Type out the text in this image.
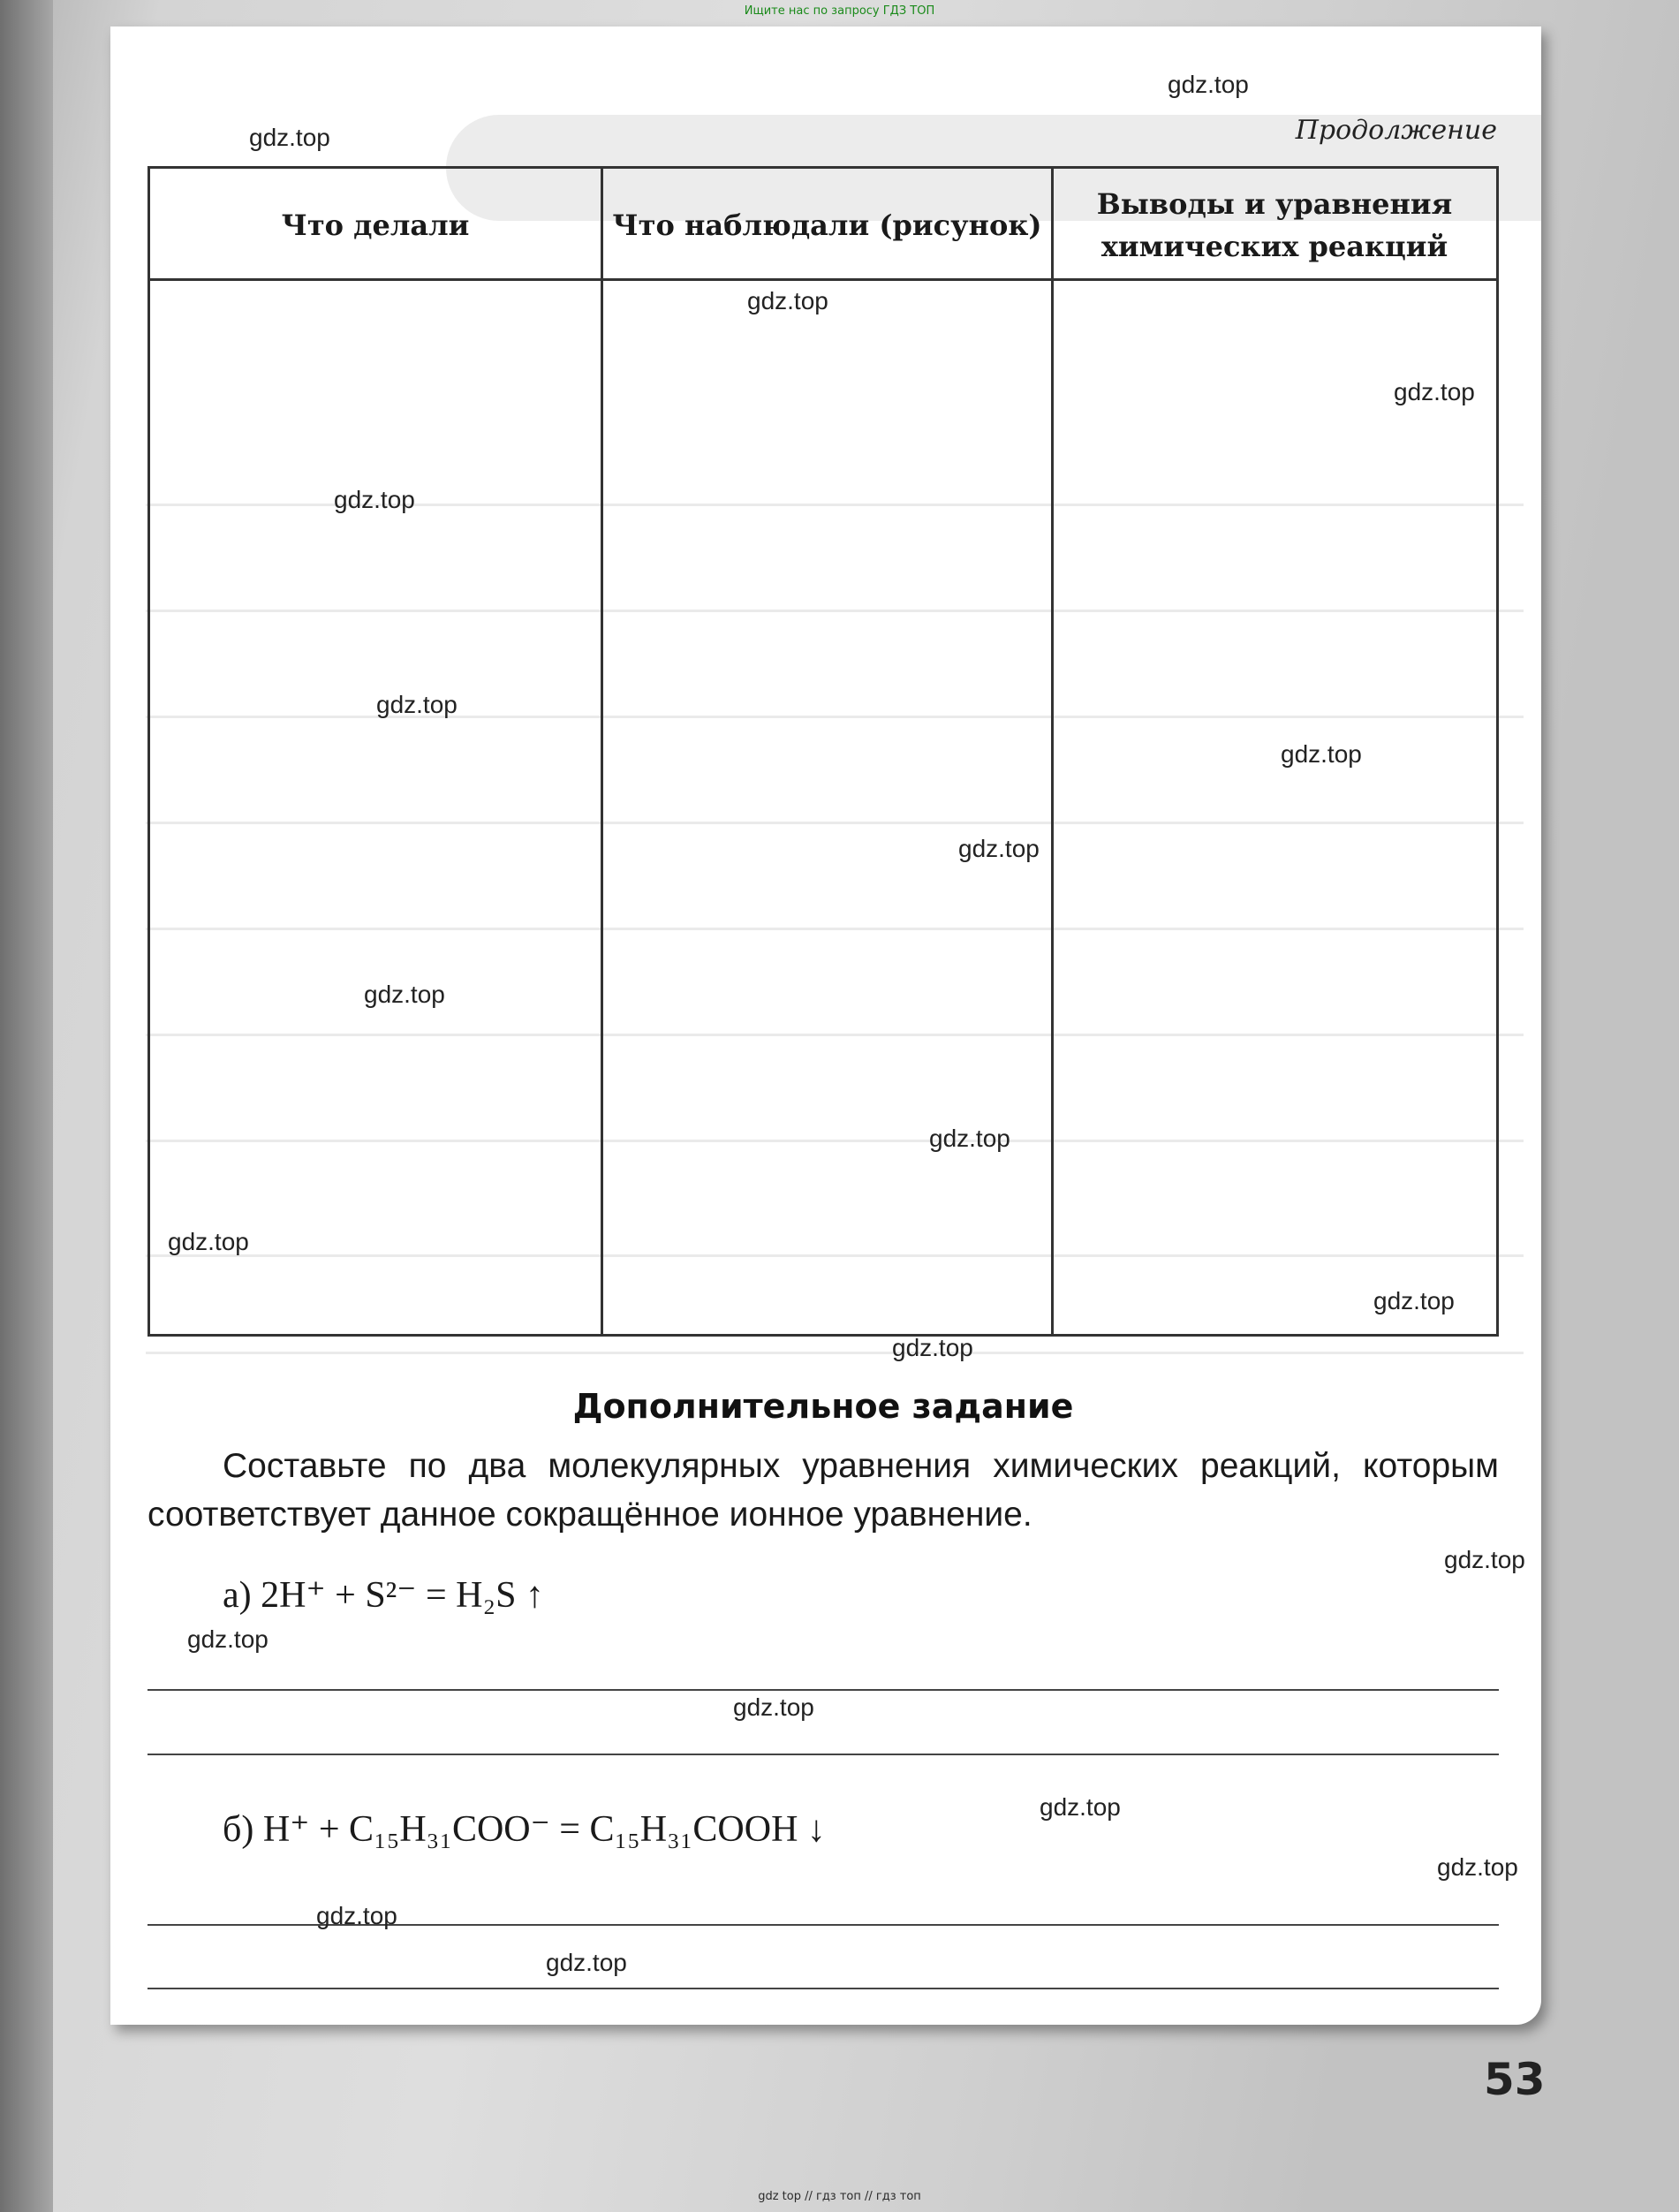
Ищите нас по запросу ГДЗ ТОП
Продолжение
Что делали	Что наблюдали (рисунок)
Выводы и уравнения химических реакций
Дополнительное задание
Составьте по два молекулярных уравнения химических реакций, которым соответствует данное сокращённое ионное уравнение.
а) 2H⁺ + S²⁻ = H₂S ↑
б) H⁺ + C₁₅H₃₁COO⁻ = C₁₅H₃₁COOH ↓
53
gdz.top
gdz.top
gdz.top
gdz.top
gdz.top
gdz.top
gdz.top
gdz.top
gdz.top
gdz.top
gdz.top
gdz.top
gdz.top
gdz.top
gdz.top
gdz.top
gdz.top
gdz.top
gdz.top
gdz.top
gdz top // гдз топ // гдз топ
